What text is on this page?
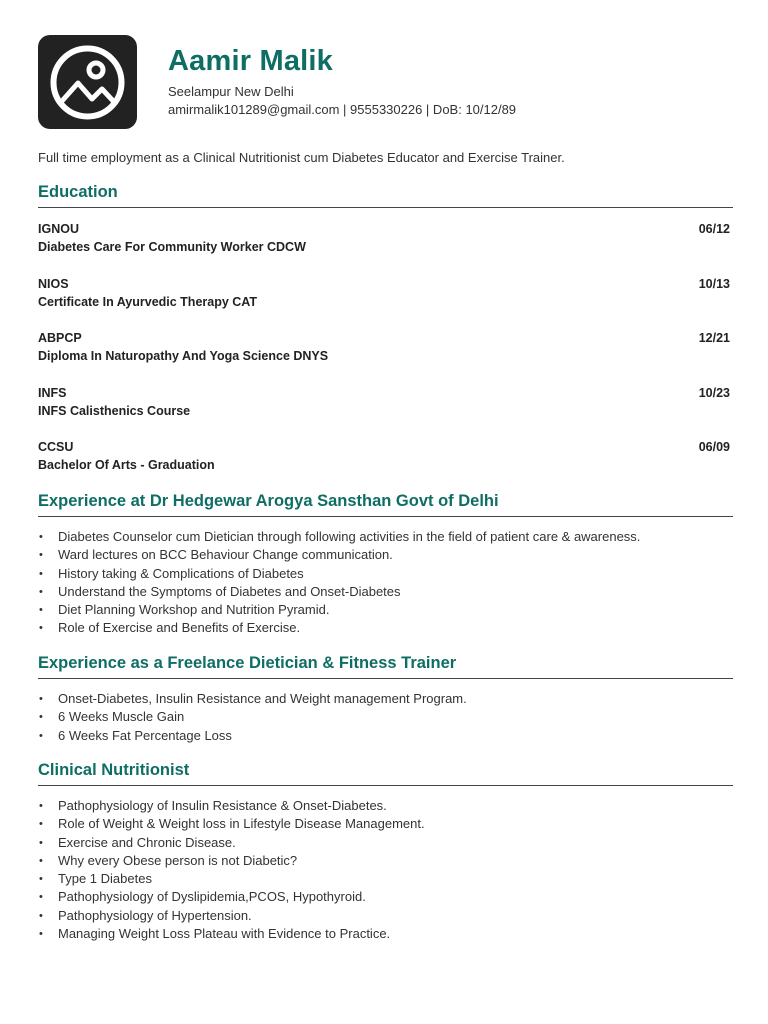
Aamir Malik
Seelampur New Delhi
amirmalik101289@gmail.com | 9555330226 | DoB: 10/12/89
Full time employment as a Clinical Nutritionist cum Diabetes Educator and Exercise Trainer.
Education
IGNOU	06/12
Diabetes Care For Community Worker CDCW
NIOS	10/13
Certificate In Ayurvedic Therapy CAT
ABPCP	12/21
Diploma In Naturopathy And Yoga Science DNYS
INFS	10/23
INFS Calisthenics Course
CCSU	06/09
Bachelor Of Arts - Graduation
Experience at Dr Hedgewar Arogya Sansthan Govt of Delhi
• Diabetes Counselor cum Dietician through following activities in the field of patient care & awareness.
• Ward lectures on BCC Behaviour Change communication.
• History taking & Complications of Diabetes
• Understand the Symptoms of Diabetes and Onset-Diabetes
• Diet Planning Workshop and Nutrition Pyramid.
• Role of Exercise and Benefits of Exercise.
Experience as a Freelance Dietician & Fitness Trainer
• Onset-Diabetes, Insulin Resistance and Weight management Program.
• 6 Weeks Muscle Gain
• 6 Weeks Fat Percentage Loss
Clinical Nutritionist
• Pathophysiology of Insulin Resistance & Onset-Diabetes.
• Role of Weight & Weight loss in Lifestyle Disease Management.
• Exercise and Chronic Disease.
• Why every Obese person is not Diabetic?
• Type 1 Diabetes
• Pathophysiology of Dyslipidemia,PCOS, Hypothyroid.
• Pathophysiology of Hypertension.
• Managing Weight Loss Plateau with Evidence to Practice.
